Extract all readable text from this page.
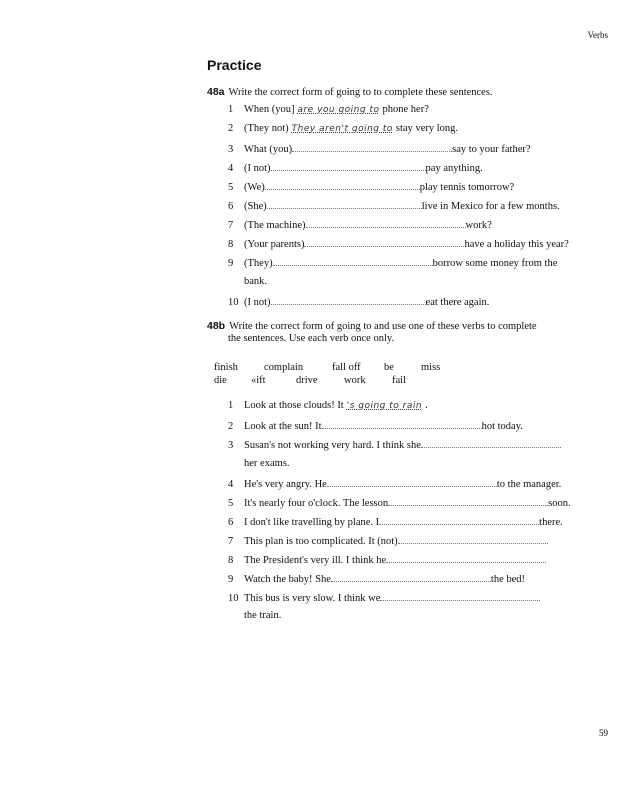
Verbs
Practice
48a Write the correct form of going to to complete these sentences.
1 When (you] are you going to phone her?
2 (They not) They aren't going to stay very long.
3 What (you)	say to your father?
4 (I not)	pay anything.
5 (We)	play tennis tomorrow?
6 (She)	live in Mexico for a few months.
7 (The machine)	work?
8 (Your parents)	have a holiday this year?
9 (They)	borrow some money from the
10 (I not)	eat there again.
bank.
48b Write the correct form of going to and use one of these verbs to complete
the sentences. Use each verb once only.
finish complain	fall off be	miss
die «ift	drive	work	fail
1 Look at those clouds! It 's going to rain .
2 Look at the sun! It	hot today.
3 Susan's not working very hard. I think she
4 He's very angry. He	to the manager.
5 It's nearly four o'clock. The lesson	soon.
6 I don't like travelling by plane. I	there.
7 This plan is too complicated. It (not)
8 The President's very ill. I think he
9 Watch the baby! She	the bed!
10 This bus is very slow. I think we
her exams.
the train.
59
